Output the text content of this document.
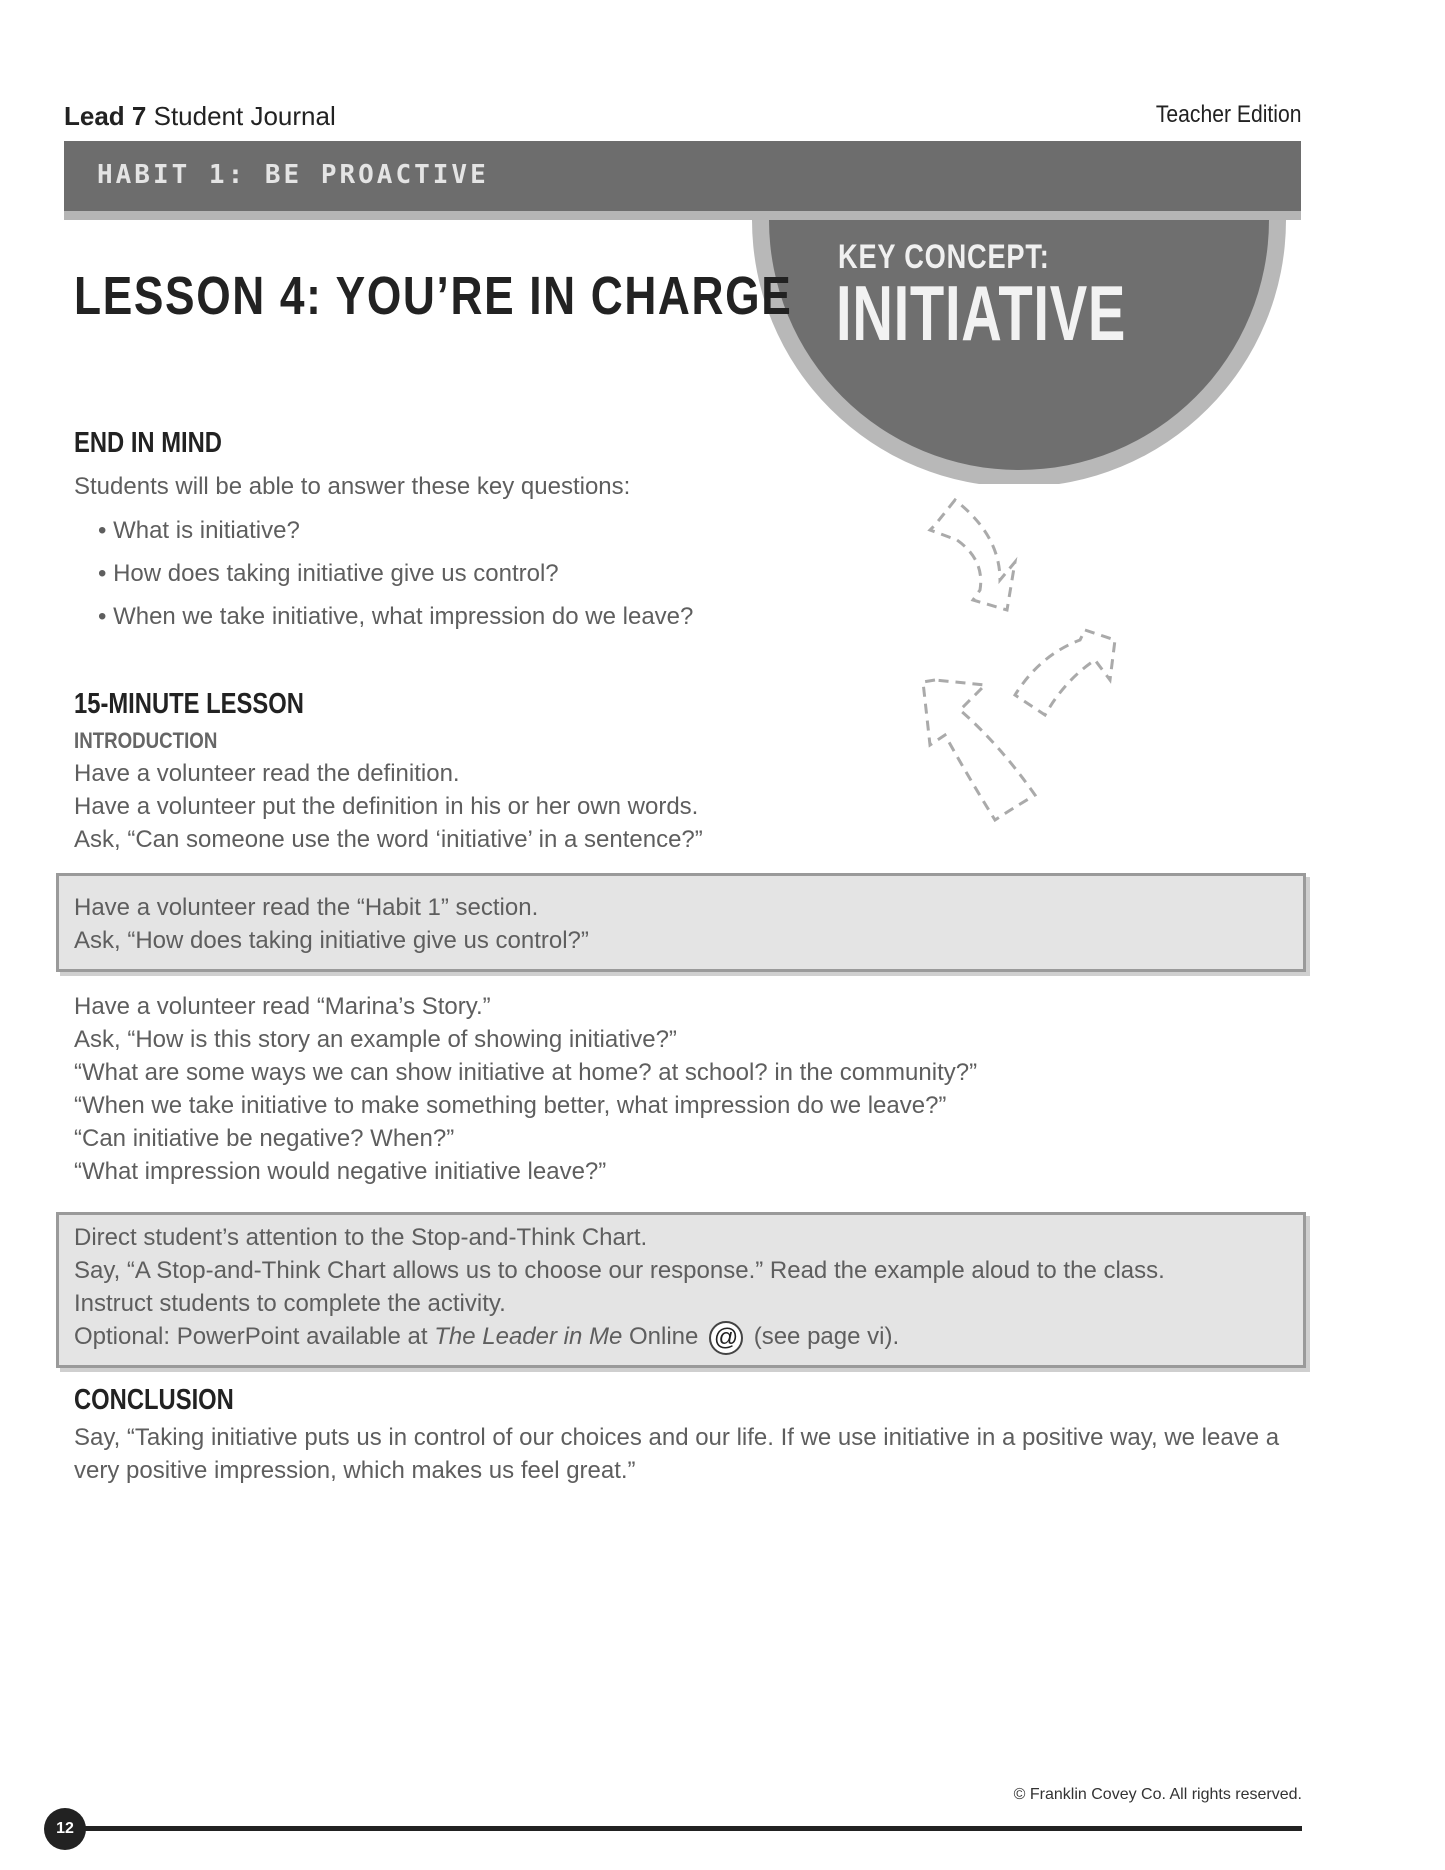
Lead 7 Student Journal	Teacher Edition
HABIT 1: BE PROACTIVE
KEY CONCEPT:
INITIATIVE
LESSON 4: YOU’RE IN CHARGE
END IN MIND
Students will be able to answer these key questions:
• What is initiative?
• How does taking initiative give us control?
• When we take initiative, what impression do we leave?
15-MINUTE LESSON
INTRODUCTION
Have a volunteer read the definition.
Have a volunteer put the definition in his or her own words.
Ask, “Can someone use the word ‘initiative’ in a sentence?”
Have a volunteer read the “Habit 1” section.
Ask, “How does taking initiative give us control?”
Have a volunteer read “Marina’s Story.”
Ask, “How is this story an example of showing initiative?”
“What are some ways we can show initiative at home? at school? in the community?”
“When we take initiative to make something better, what impression do we leave?”
“Can initiative be negative? When?”
“What impression would negative initiative leave?”
Direct student’s attention to the Stop-and-Think Chart.
Say, “A Stop-and-Think Chart allows us to choose our response.” Read the example aloud to the class.
Instruct students to complete the activity.
Optional: PowerPoint available at The Leader in Me Online @ (see page vi).
CONCLUSION
Say, “Taking initiative puts us in control of our choices and our life. If we use initiative in a positive way, we leave a
very positive impression, which makes us feel great.”
© Franklin Covey Co. All rights reserved.
12
